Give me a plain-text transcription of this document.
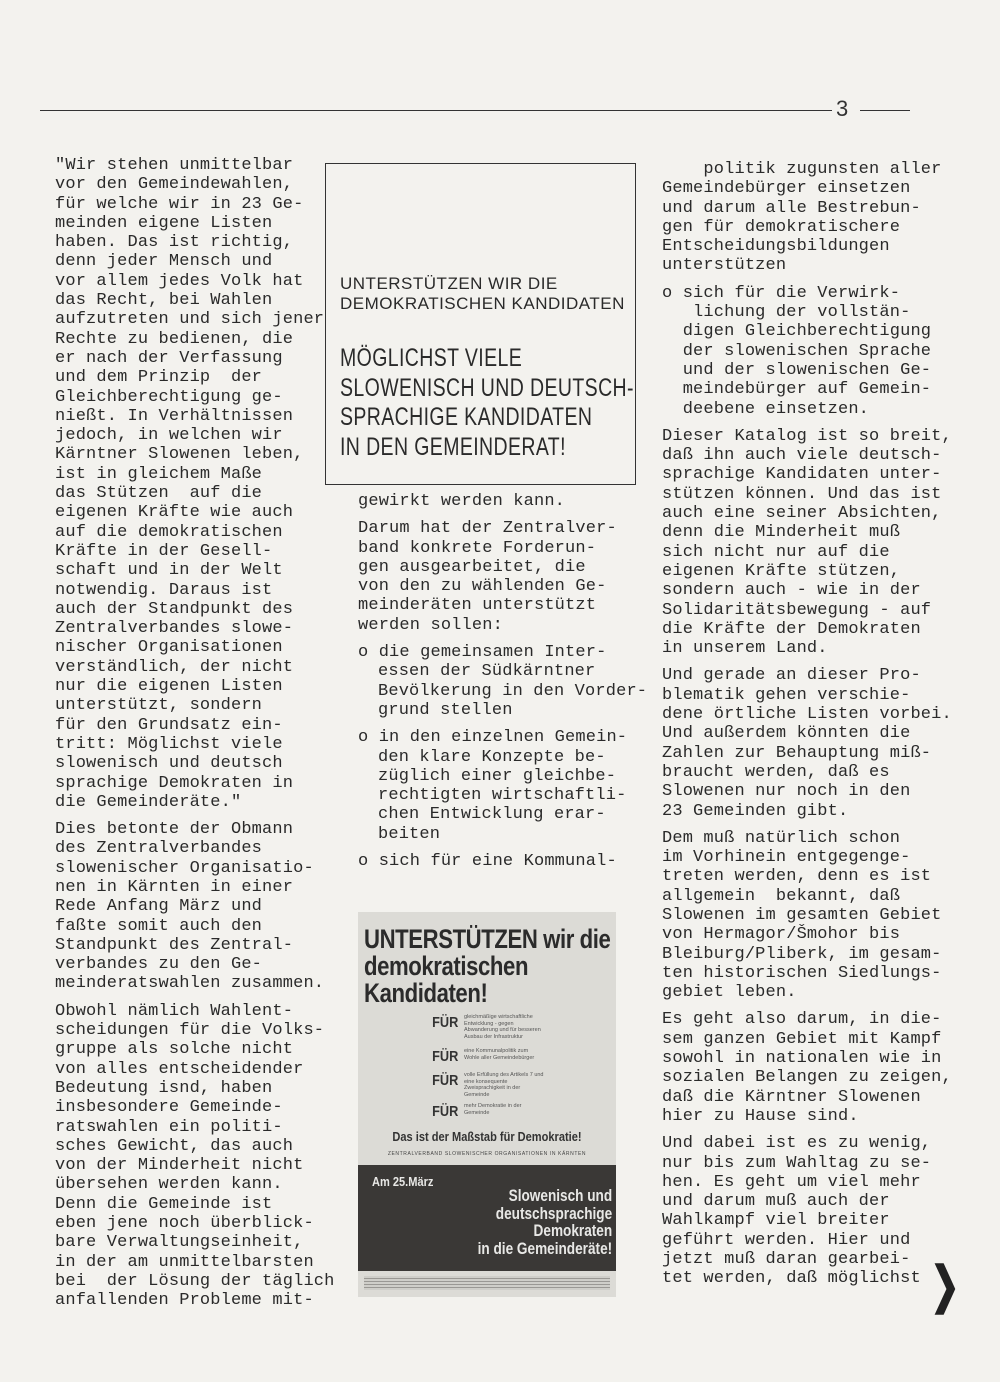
3
"Wir stehen unmittelbar
vor den Gemeindewahlen,
für welche wir in 23 Ge-
meinden eigene Listen
haben. Das ist richtig,
denn jeder Mensch und
vor allem jedes Volk hat
das Recht, bei Wahlen
aufzutreten und sich jener
Rechte zu bedienen, die
er nach der Verfassung
und dem Prinzip  der
Gleichberechtigung ge-
nießt. In Verhältnissen
jedoch, in welchen wir
Kärntner Slowenen leben,
ist in gleichem Maße
das Stützen  auf die
eigenen Kräfte wie auch
auf die demokratischen
Kräfte in der Gesell-
schaft und in der Welt
notwendig. Daraus ist
auch der Standpunkt des
Zentralverbandes slowe-
nischer Organisationen
verständlich, der nicht
nur die eigenen Listen
unterstützt, sondern
für den Grundsatz ein-
tritt: Möglichst viele
slowenisch und deutsch
sprachige Demokraten in
die Gemeinderäte."
Dies betonte der Obmann
des Zentralverbandes
slowenischer Organisatio-
nen in Kärnten in einer
Rede Anfang März und
faßte somit auch den
Standpunkt des Zentral-
verbandes zu den Ge-
meinderatswahlen zusammen.
Obwohl nämlich Wahlent-
scheidungen für die Volks-
gruppe als solche nicht
von alles entscheidender
Bedeutung isnd, haben
insbesondere Gemeinde-
ratswahlen ein politi-
sches Gewicht, das auch
von der Minderheit nicht
übersehen werden kann.
Denn die Gemeinde ist
eben jene noch überblick-
bare Verwaltungseinheit,
in der am unmittelbarsten
bei  der Lösung der täglich
anfallenden Probleme mit-
UNTERSTÜTZEN WIR DIE
DEMOKRATISCHEN KANDIDATEN
MÖGLICHST VIELE
SLOWENISCH UND DEUTSCH-
SPRACHIGE KANDIDATEN
IN DEN GEMEINDERAT!
gewirkt werden kann.
Darum hat der Zentralver-
band konkrete Forderun-
gen ausgearbeitet, die
von den zu wählenden Ge-
meinderäten unterstützt
werden sollen:
o die gemeinsamen Inter-
essen der Südkärntner
Bevölkerung in den Vorder-
grund stellen
o in den einzelnen Gemein-
den klare Konzepte be-
züglich einer gleichbe-
rechtigten wirtschaftli-
chen Entwicklung erar-
beiten
o sich für eine Kommunal-
UNTERSTÜTZEN wir die
demokratischen
Kandidaten!
FÜR gleichmäßige wirtschaftliche Entwicklung - gegen Abwanderung und für besseren Ausbau der Infrastruktur
FÜR eine Kommunalpolitik zum Wohle aller Gemeindebürger
FÜR volle Erfüllung des Artikels 7 und eine konsequente Zweisprachigkeit in der Gemeinde
FÜR mehr Demokratie in der Gemeinde
Das ist der Maßstab für Demokratie!
ZENTRALVERBAND SLOWENISCHER ORGANISATIONEN IN KÄRNTEN
Am 25.März
Slowenisch und
deutschsprachige
Demokraten
in die Gemeinderäte!
politik zugunsten aller
Gemeindebürger einsetzen
und darum alle Bestrebun-
gen für demokratischere
Entscheidungsbildungen
unterstützen
o sich für die Verwirk-
lichung der vollstän-
digen Gleichberechtigung
der slowenischen Sprache
und der slowenischen Ge-
meindebürger auf Gemein-
deebene einsetzen.
Dieser Katalog ist so breit,
daß ihn auch viele deutsch-
sprachige Kandidaten unter-
stützen können. Und das ist
auch eine seiner Absichten,
denn die Minderheit muß
sich nicht nur auf die
eigenen Kräfte stützen,
sondern auch - wie in der
Solidaritätsbewegung - auf
die Kräfte der Demokraten
in unserem Land.
Und gerade an dieser Pro-
blematik gehen verschie-
dene örtliche Listen vorbei.
Und außerdem könnten die
Zahlen zur Behauptung miß-
braucht werden, daß es
Slowenen nur noch in den
23 Gemeinden gibt.
Dem muß natürlich schon
im Vorhinein entgegenge-
treten werden, denn es ist
allgemein  bekannt, daß
Slowenen im gesamten Gebiet
von Hermagor/Šmohor bis
Bleiburg/Pliberk, im gesam-
ten historischen Siedlungs-
gebiet leben.
Es geht also darum, in die-
sem ganzen Gebiet mit Kampf
sowohl in nationalen wie in
sozialen Belangen zu zeigen,
daß die Kärntner Slowenen
hier zu Hause sind.
Und dabei ist es zu wenig,
nur bis zum Wahltag zu se-
hen. Es geht um viel mehr
und darum muß auch der
Wahlkampf viel breiter
geführt werden. Hier und
jetzt muß daran gearbei-
tet werden, daß möglichst ❯
